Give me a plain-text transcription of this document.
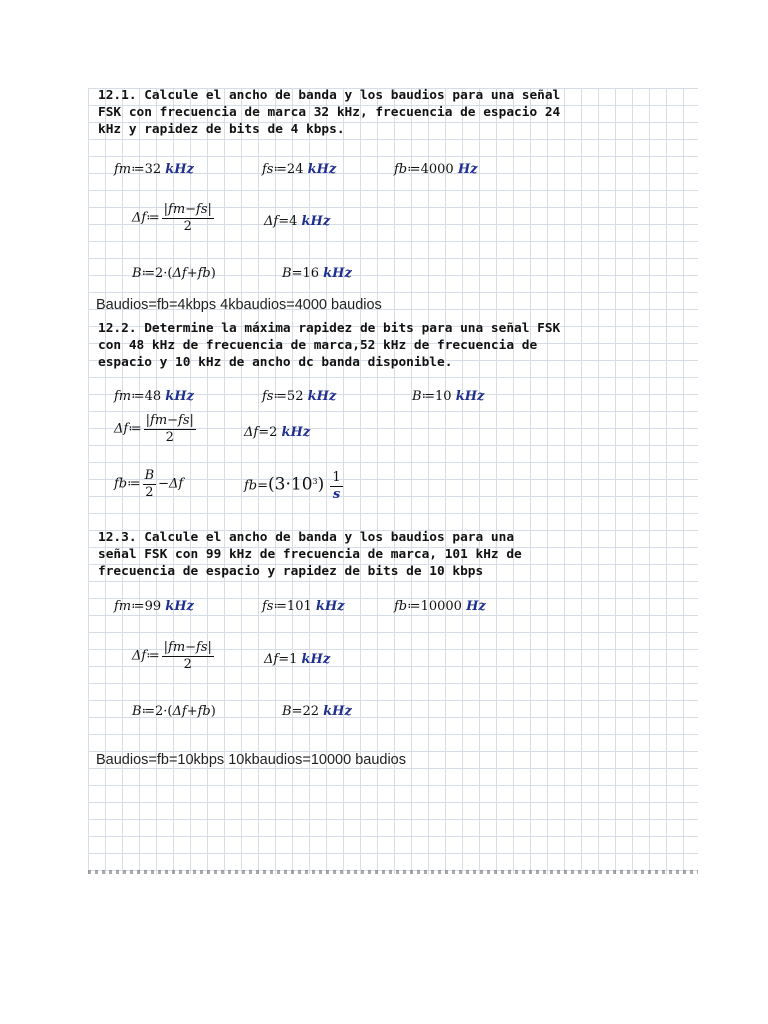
12.1. Calcule el ancho de banda y los baudios para una señal
FSK con frecuencia de marca 32 kHz, frecuencia de espacio 24
kHz y rapidez de bits de 4 kbps.
fm≔32 kHz	fs≔24 kHz	fb≔4000 Hz
Δf≔ $\frac{|fm-fs|}{2}$	Δf=4 kHz
B≔2·(Δf+fb)	B=16 kHz
Baudios=fb=4kbps 4kbaudios=4000 baudios
12.2. Determine la máxima rapidez de bits para una señal FSK
con 48 kHz de frecuencia de marca,52 kHz de frecuencia de
espacio y 10 kHz de ancho dc banda disponible.
fm≔48 kHz	fs≔52 kHz	B≔10 kHz
Δf≔ $\frac{|fm-fs|}{2}$	Δf=2 kHz
fb≔ $\frac{B}{2} -\Delta f$	$fb=(3\cdot 10^3) \frac{1}{s}$
12.3. Calcule el ancho de banda y los baudios para una
señal FSK con 99 kHz de frecuencia de marca, 101 kHz de
frecuencia de espacio y rapidez de bits de 10 kbps
fm≔99 kHz	fs≔101 kHz	fb≔10000 Hz
Δf≔ $\frac{|fm-fs|}{2}$	Δf=1 kHz
B≔2·(Δf+fb)	B=22 kHz
Baudios=fb=10kbps 10kbaudios=10000 baudios
